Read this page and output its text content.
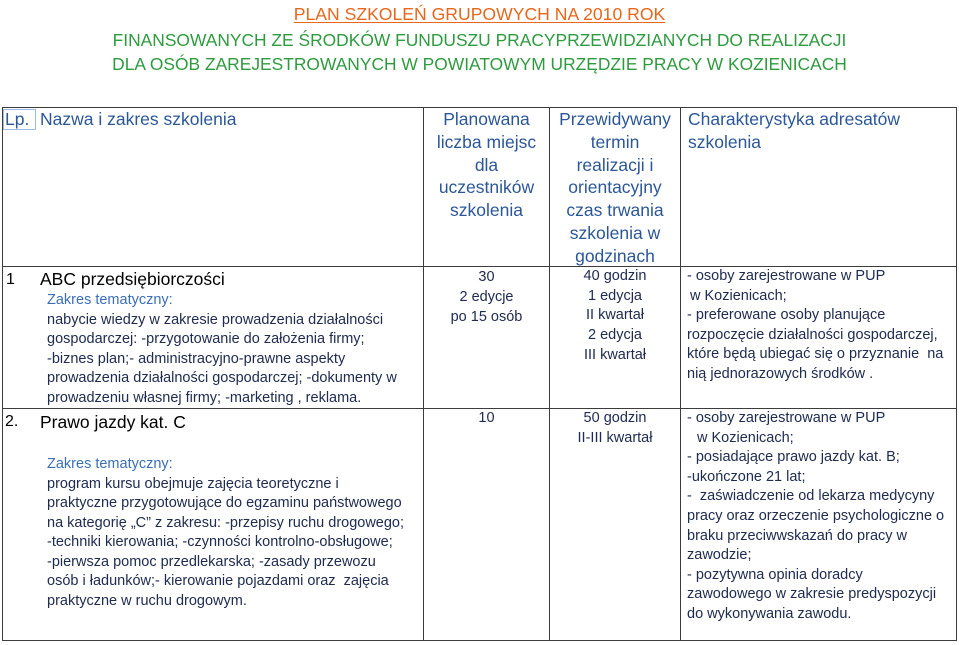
PLAN SZKOLEŃ GRUPOWYCH NA 2010 ROK
FINANSOWANYCH ZE ŚRODKÓW FUNDUSZU PRACYPRZEWIDZIANYCH DO REALIZACJI
DLA OSÓB ZAREJESTROWANYCH W POWIATOWYM URZĘDZIE PRACY W KOZIENICACH
Lp. Nazwa i zakres szkolenia	Planowana
liczba miejsc
dla
uczestników
szkolenia
Przewidywany
termin
realizacji i
orientacyjny
czas trwania
szkolenia w
godzinach
Charakterystyka adresatów
szkolenia
1 ABC przedsiębiorczości
Zakres tematyczny:
nabycie wiedzy w zakresie prowadzenia działalności
gospodarczej: -przygotowanie do założenia firmy;
-biznes plan;- administracyjno-prawne aspekty
prowadzenia działalności gospodarczej; -dokumenty w
prowadzeniu własnej firmy; -marketing , reklama.
30
2 edycje
po 15 osób
40 godzin
1 edycja
II kwartał
2 edycja
III kwartał
- osoby zarejestrowane w PUP
w Kozienicach;
- preferowane osoby planujące
rozpoczęcie działalności gospodarczej,
które będą ubiegać się o przyznanie  na
nią jednorazowych środków .
2. Prawo jazdy kat. C
Zakres tematyczny:
program kursu obejmuje zajęcia teoretyczne i
praktyczne przygotowujące do egzaminu państwowego
na kategorię „C” z zakresu: -przepisy ruchu drogowego;
-techniki kierowania; -czynności kontrolno-obsługowe;
-pierwsza pomoc przedlekarska; -zasady przewozu
osób i ładunków;- kierowanie pojazdami oraz  zajęcia
praktyczne w ruchu drogowym.
10	50 godzin
II-III kwartał
- osoby zarejestrowane w PUP
w Kozienicach;
- posiadające prawo jazdy kat. B;
-ukończone 21 lat;
-  zaświadczenie od lekarza medycyny
pracy oraz orzeczenie psychologiczne o
braku przeciwwskazań do pracy w
zawodzie;
- pozytywna opinia doradcy
zawodowego w zakresie predyspozycji
do wykonywania zawodu.
